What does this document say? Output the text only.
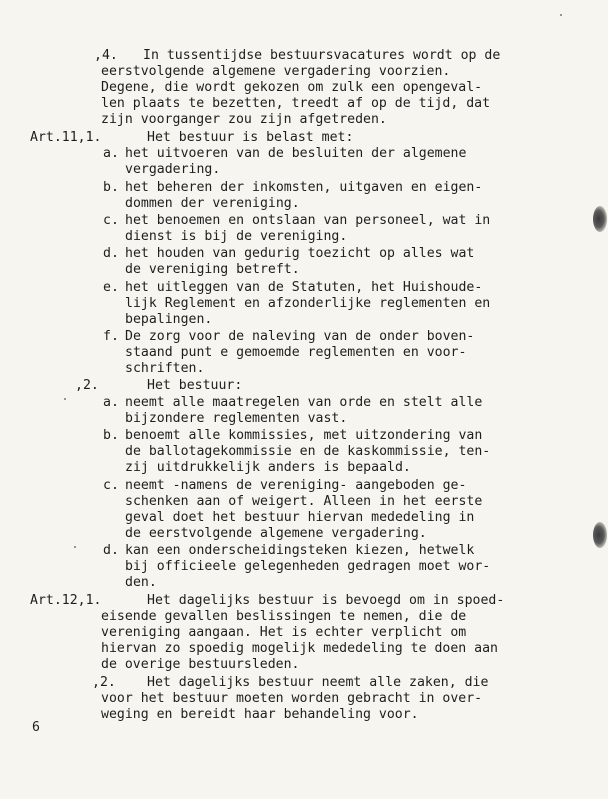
,4. In tussentijdse bestuursvacatures wordt op de
eerstvolgende algemene vergadering voorzien.
Degene, die wordt gekozen om zulk een opengeval-
len plaats te bezetten, treedt af op de tijd, dat
zijn voorganger zou zijn afgetreden.
Art.11,1.	Het bestuur is belast met:
a. het uitvoeren van de besluiten der algemene
vergadering.
b. het beheren der inkomsten, uitgaven en eigen-
dommen der vereniging.
c. het benoemen en ontslaan van personeel, wat in
dienst is bij de vereniging.
d. het houden van gedurig toezicht op alles wat
de vereniging betreft.
e. het uitleggen van de Statuten, het Huishoude-
lijk Reglement en afzonderlijke reglementen en
bepalingen.
f. De zorg voor de naleving van de onder boven-
staand punt e gemoemde reglementen en voor-
schriften.
,2.	Het bestuur:
a. neemt alle maatregelen van orde en stelt alle
bijzondere reglementen vast.
b. benoemt alle kommissies, met uitzondering van
de ballotagekommissie en de kaskommissie, ten-
zij uitdrukkelijk anders is bepaald.
c. neemt -namens de vereniging- aangeboden ge-
schenken aan of weigert. Alleen in het eerste
geval doet het bestuur hiervan mededeling in
de eerstvolgende algemene vergadering.
d. kan een onderscheidingsteken kiezen, hetwelk
bij officieele gelegenheden gedragen moet wor-
den.
Art.12,1.	Het dagelijks bestuur is bevoegd om in spoed-
eisende gevallen beslissingen te nemen, die de
vereniging aangaan. Het is echter verplicht om
hiervan zo spoedig mogelijk mededeling te doen aan
de overige bestuursleden.
,2. Het dagelijks bestuur neemt alle zaken, die
voor het bestuur moeten worden gebracht in over-
weging en bereidt haar behandeling voor.
6
